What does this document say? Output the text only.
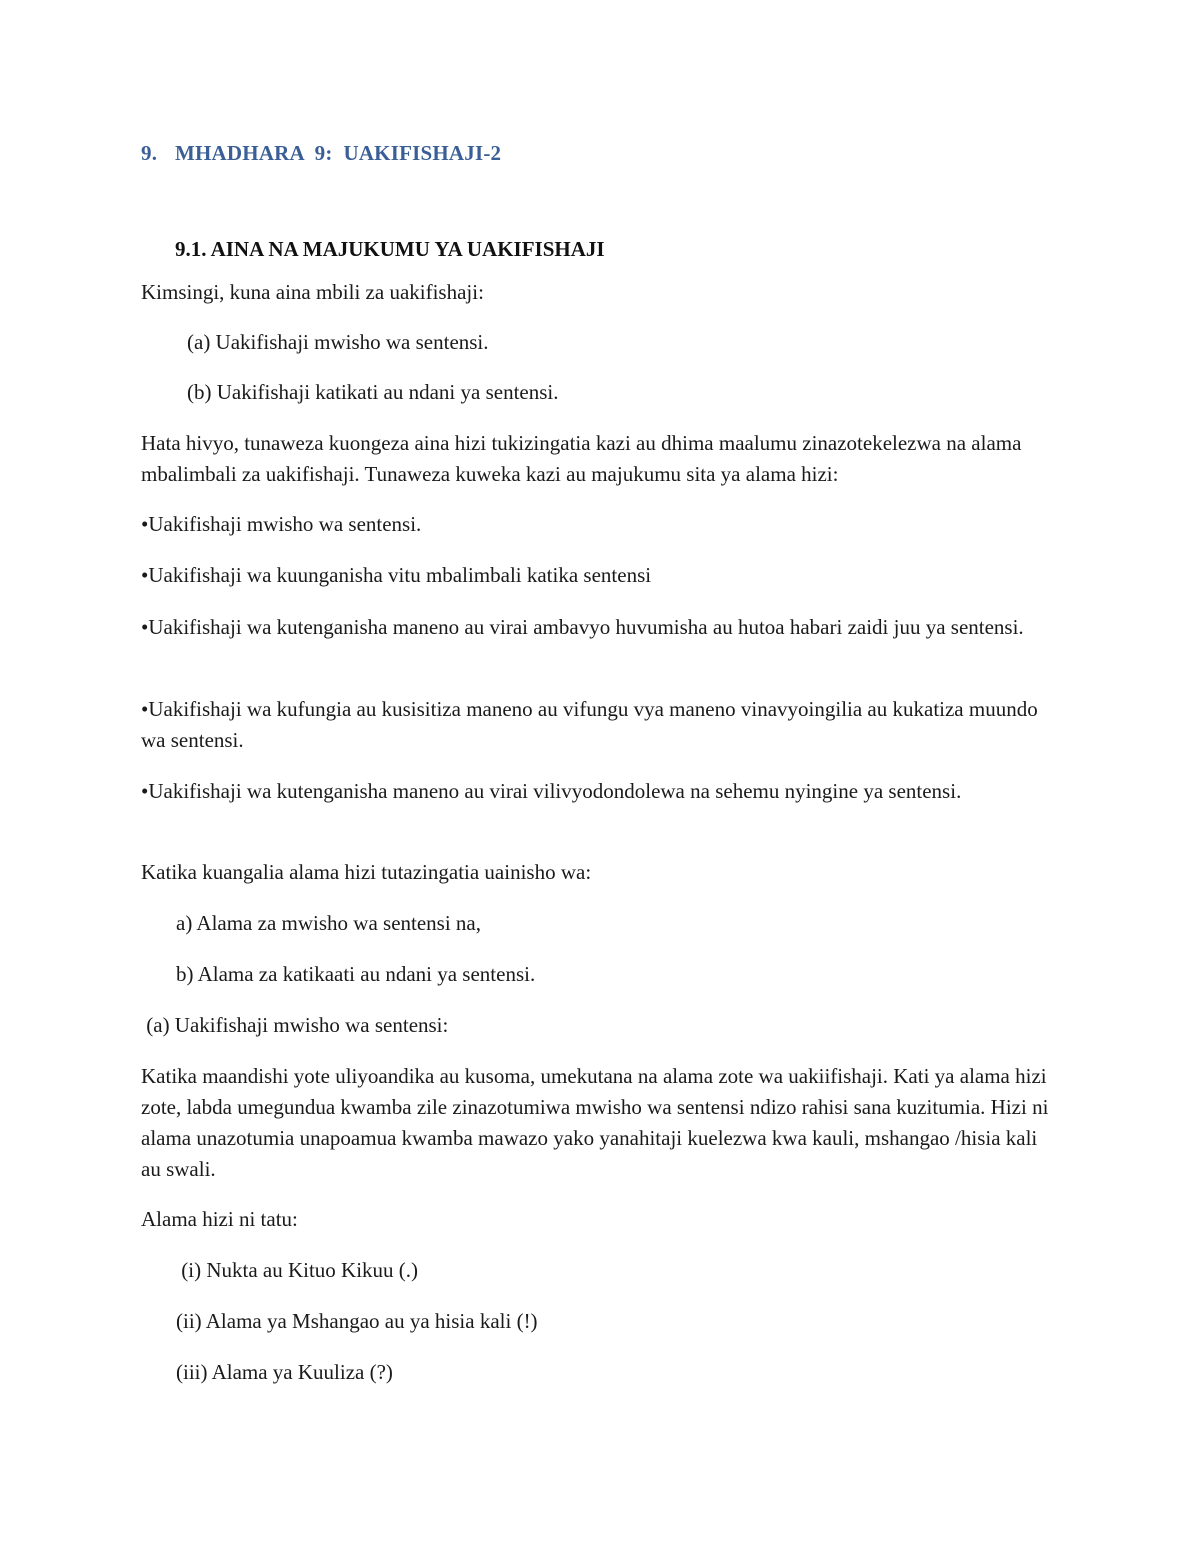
9. MHADHARA  9:  UAKIFISHAJI-2
9.1. AINA NA MAJUKUMU YA UAKIFISHAJI

Kimsingi, kuna aina mbili za uakifishaji:

(a) Uakifishaji mwisho wa sentensi.

(b) Uakifishaji katikati au ndani ya sentensi.

Hata hivyo, tunaweza kuongeza aina hizi tukizingatia kazi au dhima maalumu zinazotekelezwa na alama mbalimbali za uakifishaji. Tunaweza kuweka kazi au majukumu sita ya alama hizi:

•Uakifishaji mwisho wa sentensi.

•Uakifishaji wa kuunganisha vitu mbalimbali katika sentensi

•Uakifishaji wa kutenganisha maneno au virai ambavyo huvumisha au hutoa habari zaidi juu ya sentensi.

•Uakifishaji wa kufungia au kusisitiza maneno au vifungu vya maneno vinavyoingilia au kukatiza muundo wa sentensi.

•Uakifishaji wa kutenganisha maneno au virai vilivyodondolewa na sehemu nyingine ya sentensi.

Katika kuangalia alama hizi tutazingatia uainisho wa:

a) Alama za mwisho wa sentensi na,

b) Alama za katikaati au ndani ya sentensi.

(a) Uakifishaji mwisho wa sentensi:

Katika maandishi yote uliyoandika au kusoma, umekutana na alama zote wa uakiifishaji. Kati ya alama hizi zote, labda umegundua kwamba zile zinazotumiwa mwisho wa sentensi ndizo rahisi sana kuzitumia. Hizi ni alama unazotumia unapoamua kwamba mawazo yako yanahitaji kuelezwa kwa kauli, mshangao /hisia kali au swali.

Alama hizi ni tatu:

(i) Nukta au Kituo Kikuu (.)

(ii) Alama ya Mshangao au ya hisia kali (!)

(iii) Alama ya Kuuliza (?)
